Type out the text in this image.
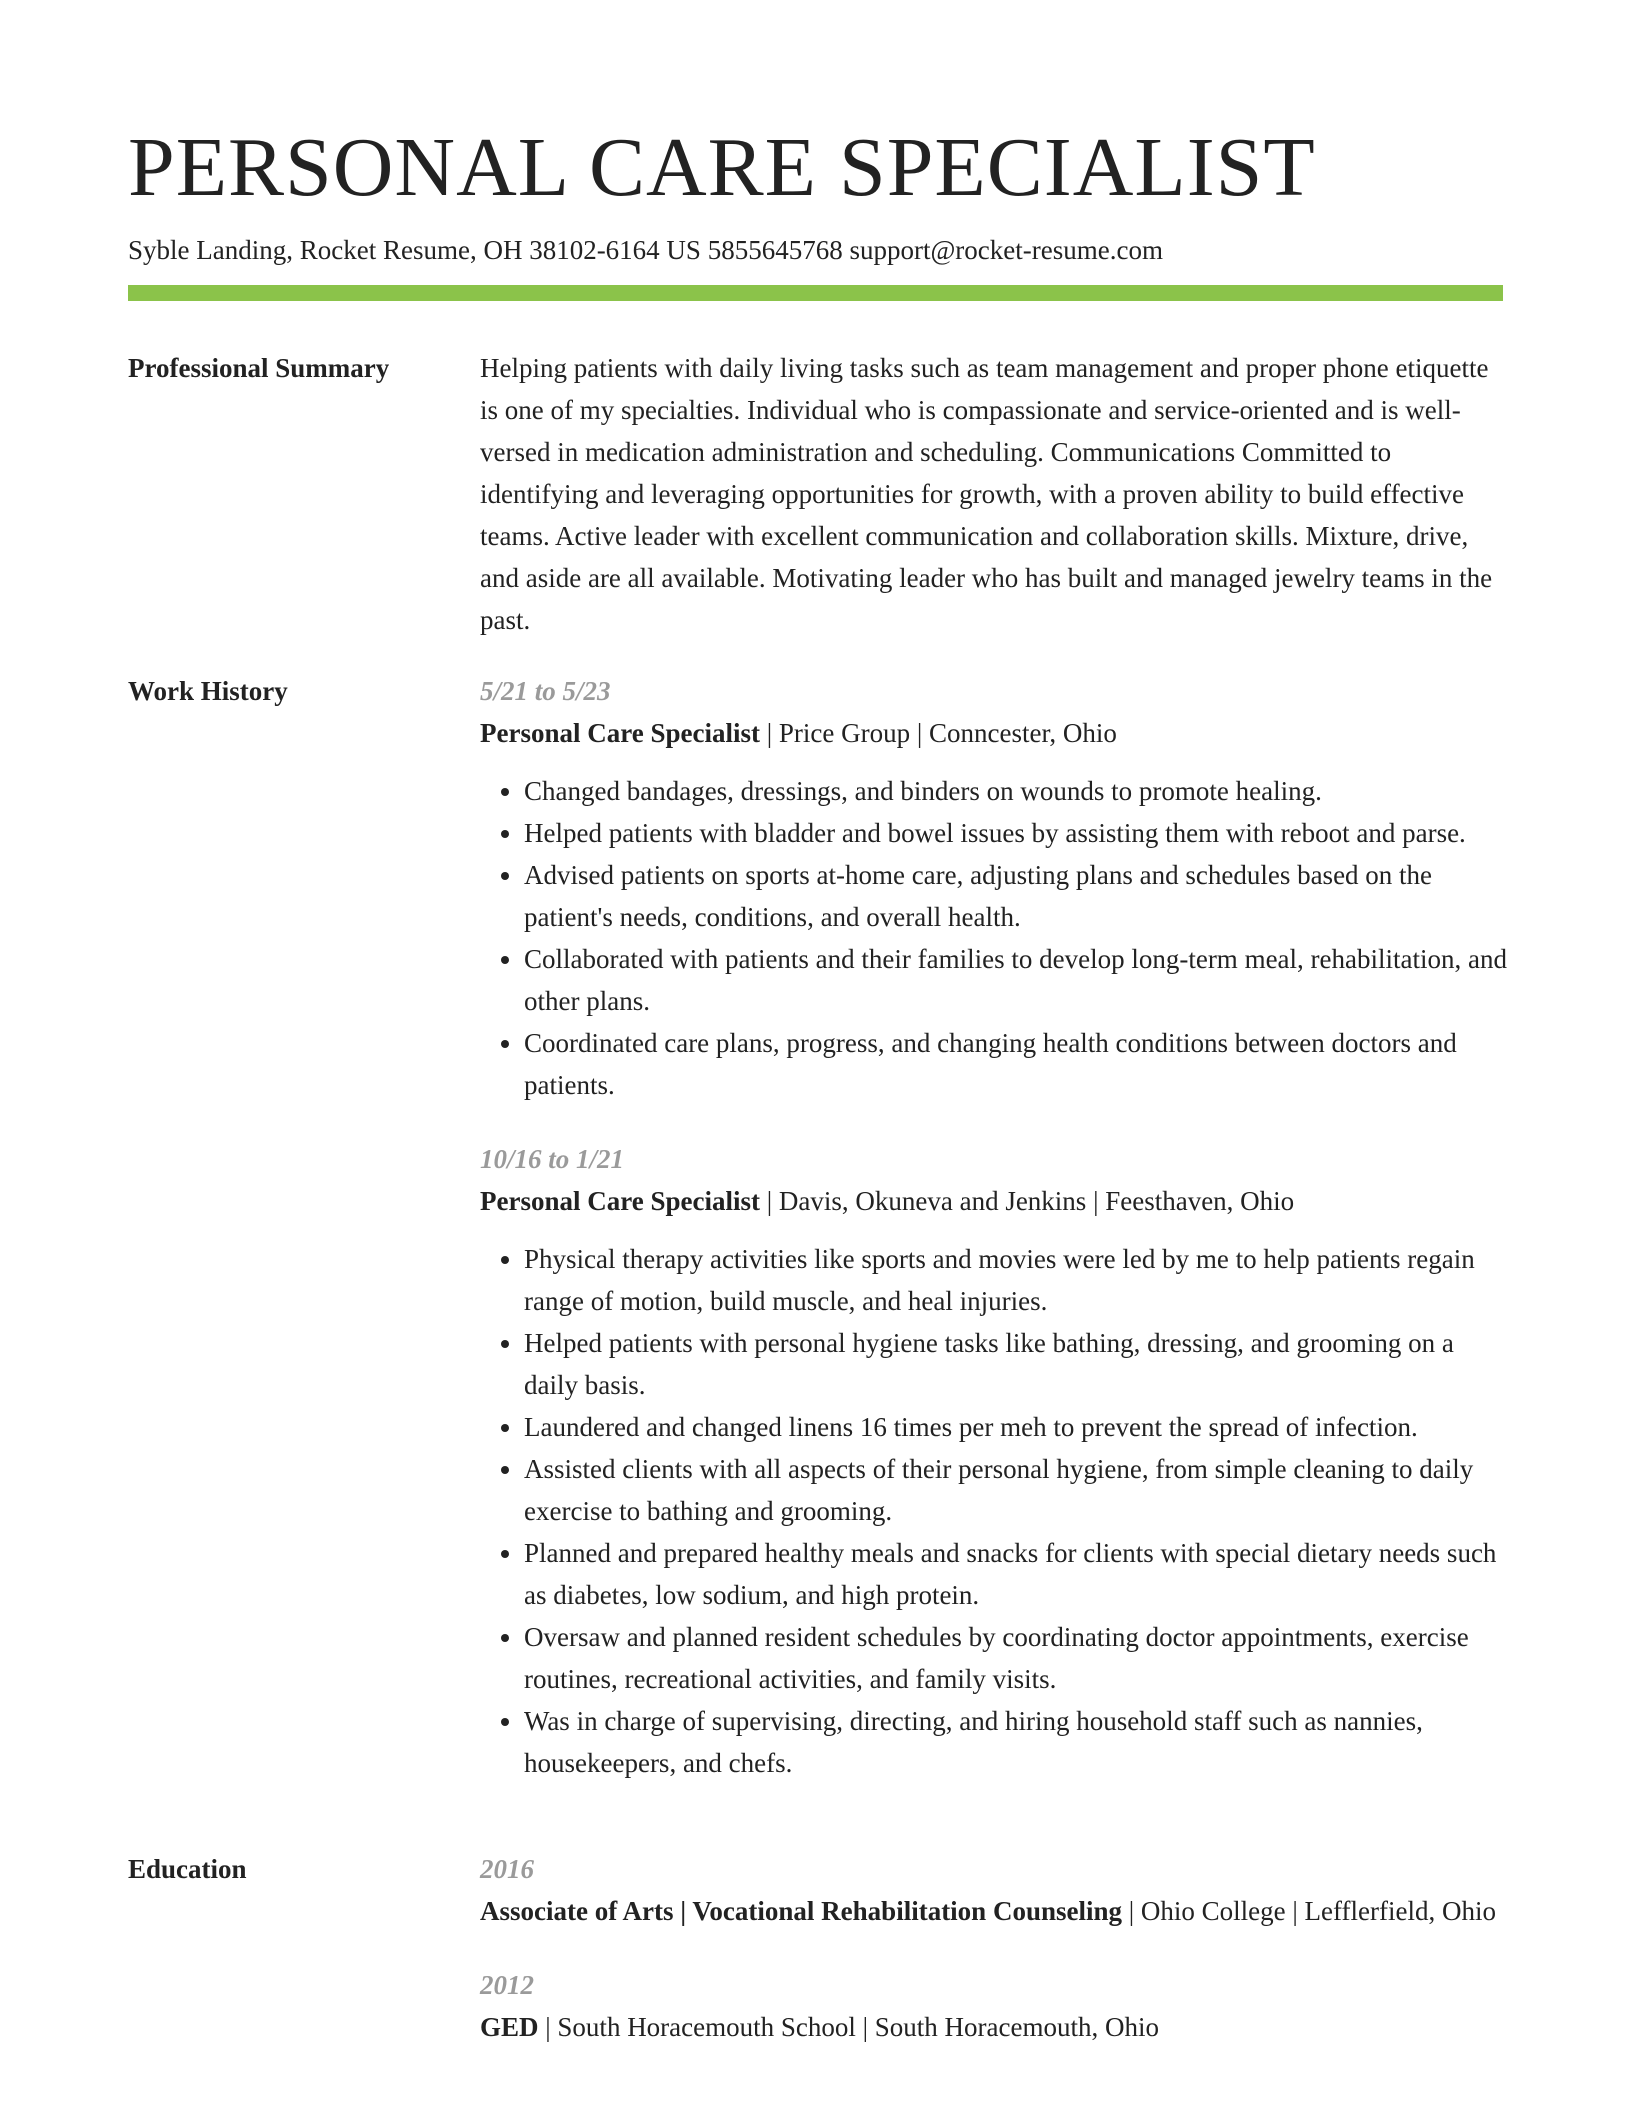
PERSONAL CARE SPECIALIST
Syble Landing, Rocket Resume, OH 38102-6164 US 5855645768 support@rocket-resume.com
Professional Summary	Helping patients with daily living tasks such as team management and proper phone etiquette is one of my specialties. Individual who is compassionate and service-oriented and is well-versed in medication administration and scheduling. Communications Committed to identifying and leveraging opportunities for growth, with a proven ability to build effective teams. Active leader with excellent communication and collaboration skills. Mixture, drive, and aside are all available. Motivating leader who has built and managed jewelry teams in the past.

Work History	5/21 to 5/23
Personal Care Specialist | Price Group | Conncester, Ohio
• Changed bandages, dressings, and binders on wounds to promote healing.
• Helped patients with bladder and bowel issues by assisting them with reboot and parse.
• Advised patients on sports at-home care, adjusting plans and schedules based on the patient's needs, conditions, and overall health.
• Collaborated with patients and their families to develop long-term meal, rehabilitation, and other plans.
• Coordinated care plans, progress, and changing health conditions between doctors and patients.
10/16 to 1/21
Personal Care Specialist | Davis, Okuneva and Jenkins | Feesthaven, Ohio
• Physical therapy activities like sports and movies were led by me to help patients regain range of motion, build muscle, and heal injuries.
• Helped patients with personal hygiene tasks like bathing, dressing, and grooming on a daily basis.
• Laundered and changed linens 16 times per meh to prevent the spread of infection.
• Assisted clients with all aspects of their personal hygiene, from simple cleaning to daily exercise to bathing and grooming.
• Planned and prepared healthy meals and snacks for clients with special dietary needs such as diabetes, low sodium, and high protein.
• Oversaw and planned resident schedules by coordinating doctor appointments, exercise routines, recreational activities, and family visits.
• Was in charge of supervising, directing, and hiring household staff such as nannies, housekeepers, and chefs.
Education	2016
Associate of Arts | Vocational Rehabilitation Counseling | Ohio College | Lefflerfield, Ohio
2012
GED | South Horacemouth School | South Horacemouth, Ohio
